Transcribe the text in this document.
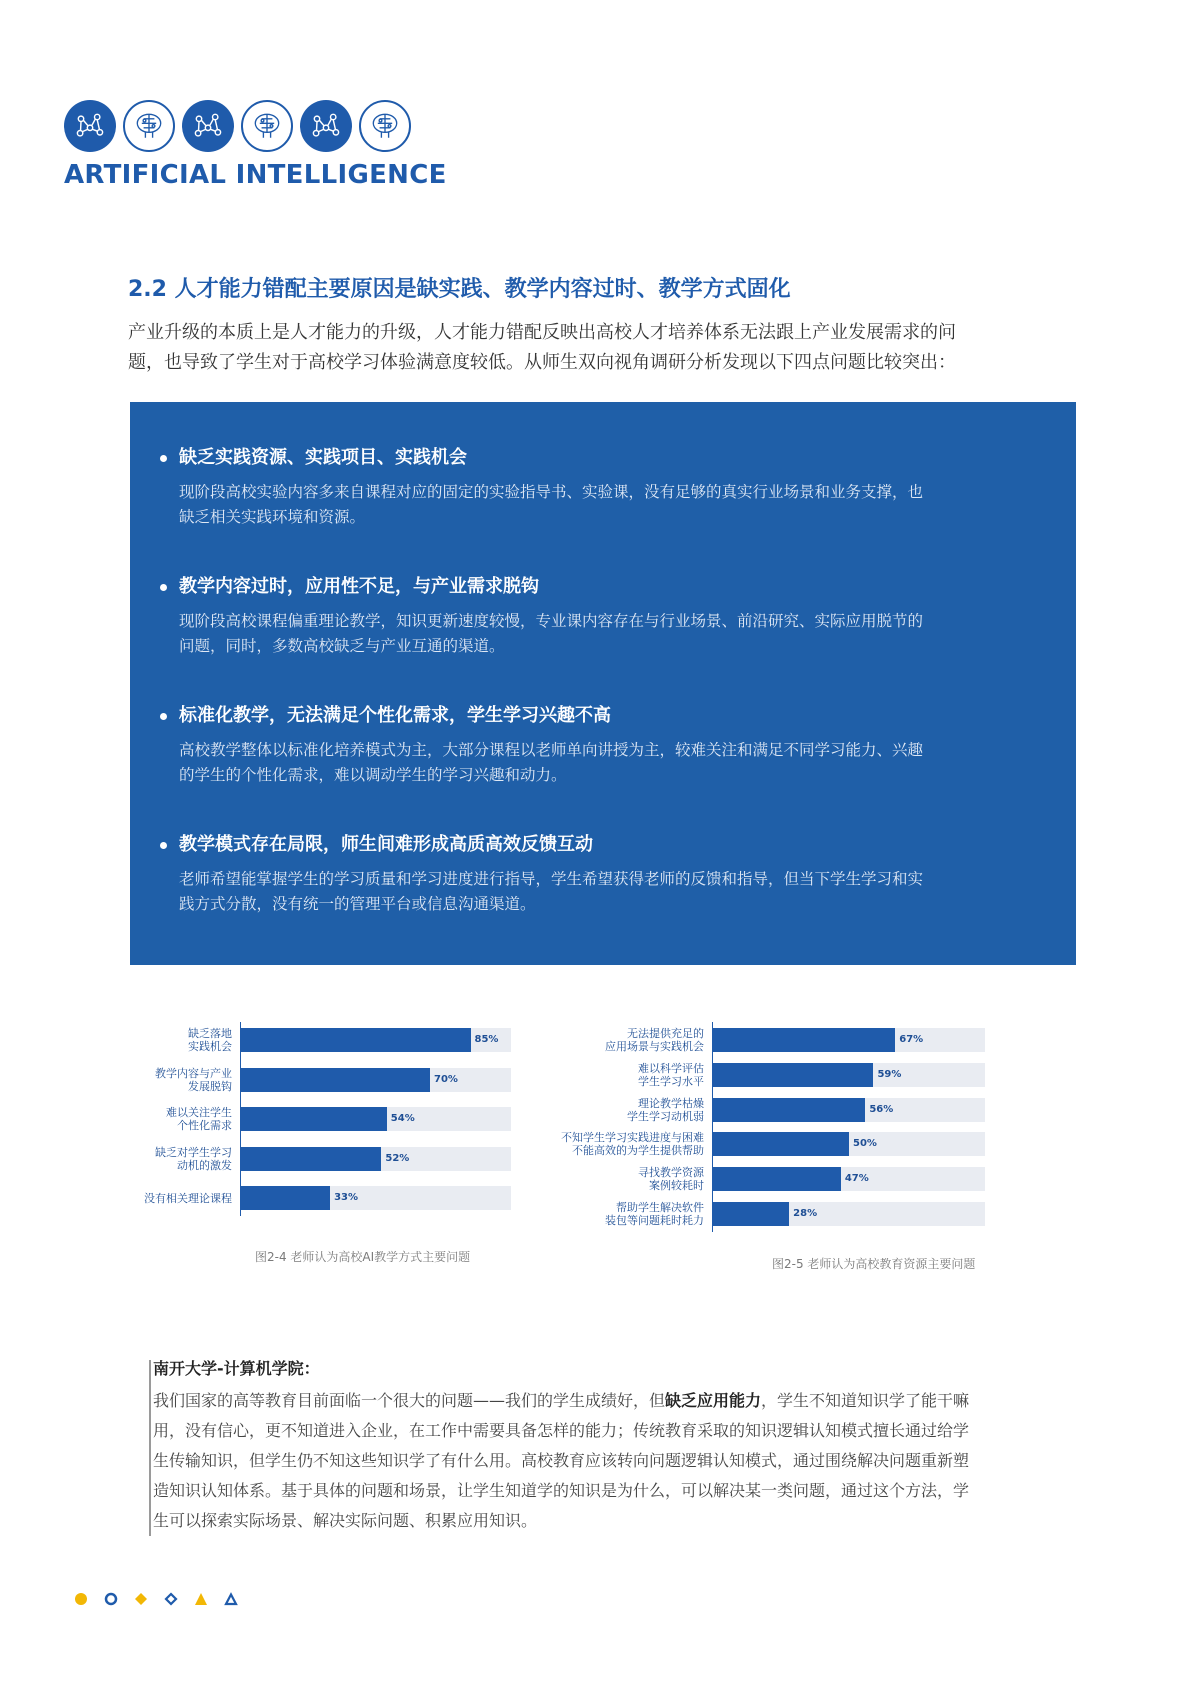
ARTIFICIAL INTELLIGENCE
2.2 人才能力错配主要原因是缺实践、教学内容过时、教学方式固化
产业升级的本质上是人才能力的升级，人才能力错配反映出高校人才培养体系无法跟上产业发展需求的问
题，也导致了学生对于高校学习体验满意度较低。从师生双向视角调研分析发现以下四点问题比较突出：
缺乏实践资源、实践项目、实践机会
现阶段高校实验内容多来自课程对应的固定的实验指导书、实验课，没有足够的真实行业场景和业务支撑，也
缺乏相关实践环境和资源。
教学内容过时，应用性不足，与产业需求脱钩
现阶段高校课程偏重理论教学，知识更新速度较慢，专业课内容存在与行业场景、前沿研究、实际应用脱节的
问题，同时，多数高校缺乏与产业互通的渠道。
标准化教学，无法满足个性化需求，学生学习兴趣不高
高校教学整体以标准化培养模式为主，大部分课程以老师单向讲授为主，较难关注和满足不同学习能力、兴趣
的学生的个性化需求，难以调动学生的学习兴趣和动力。
教学模式存在局限，师生间难形成高质高效反馈互动
老师希望能掌握学生的学习质量和学习进度进行指导，学生希望获得老师的反馈和指导，但当下学生学习和实
践方式分散，没有统一的管理平台或信息沟通渠道。
85%
缺乏落地
实践机会
70%
教学内容与产业
发展脱钩
54%
难以关注学生
个性化需求
52%
缺乏对学生学习
动机的激发
33%
没有相关理论课程
图2-4 老师认为高校AI教学方式主要问题
67%
无法提供充足的
应用场景与实践机会
59%
难以科学评估
学生学习水平
56%
理论教学枯燥
学生学习动机弱
50%
不知学生学习实践进度与困难
不能高效的为学生提供帮助
47%
寻找教学资源
案例较耗时
28%
帮助学生解决软件
装包等问题耗时耗力
图2-5 老师认为高校教育资源主要问题
南开大学-计算机学院：
我们国家的高等教育目前面临一个很大的问题——我们的学生成绩好，但缺乏应用能力，学生不知道知识学了能干嘛
用，没有信心，更不知道进入企业，在工作中需要具备怎样的能力；传统教育采取的知识逻辑认知模式擅长通过给学
生传输知识，但学生仍不知这些知识学了有什么用。高校教育应该转向问题逻辑认知模式，通过围绕解决问题重新塑
造知识认知体系。基于具体的问题和场景，让学生知道学的知识是为什么，可以解决某一类问题，通过这个方法，学
生可以探索实际场景、解决实际问题、积累应用知识。
